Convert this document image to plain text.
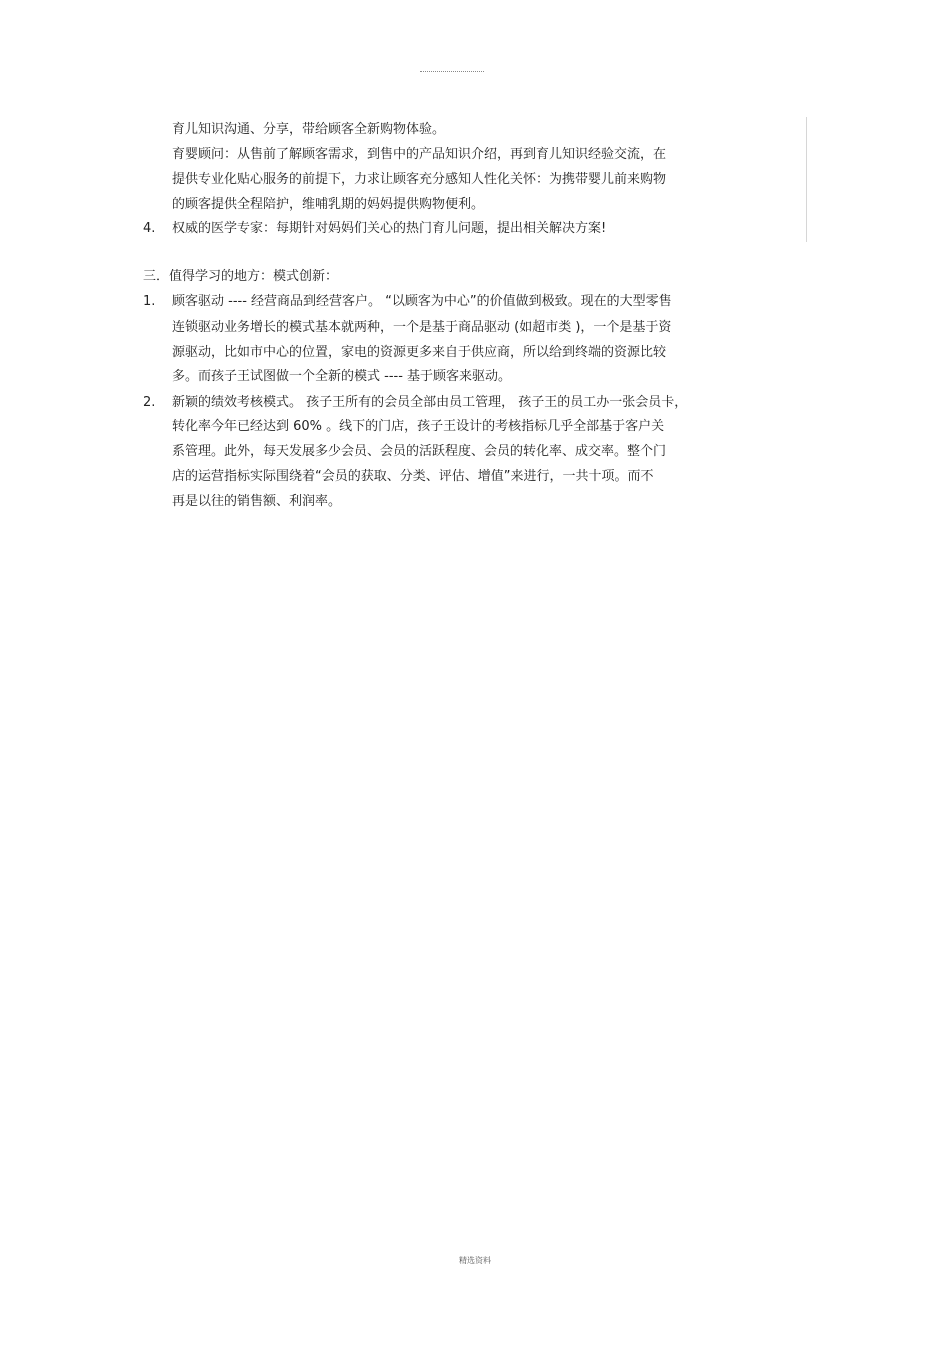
育儿知识沟通、分享，带给顾客全新购物体验。
育婴顾问：从售前了解顾客需求，到售中的产品知识介绍，再到育儿知识经验交流，在
提供专业化贴心服务的前提下，力求让顾客充分感知人性化关怀：为携带婴儿前来购物
的顾客提供全程陪护，维哺乳期的妈妈提供购物便利。
4. 权威的医学专家：每期针对妈妈们关心的热门育儿问题，提出相关解决方案!
三．值得学习的地方：模式创新：
1. 顾客驱动 ---- 经营商品到经营客户。 “以顾客为中心”的价值做到极致。现在的大型零售
连锁驱动业务增长的模式基本就两种，一个是基于商品驱动 (如超市类 )，一个是基于资
源驱动，比如市中心的位置，家电的资源更多来自于供应商，所以给到终端的资源比较
多。而孩子王试图做一个全新的模式 ---- 基于顾客来驱动。
2. 新颖的绩效考核模式。 孩子王所有的会员全部由员工管理， 孩子王的员工办一张会员卡，
转化率今年已经达到 60% 。线下的门店，孩子王设计的考核指标几乎全部基于客户关
系管理。此外，每天发展多少会员、会员的活跃程度、会员的转化率、成交率。整个门
店的运营指标实际围绕着“会员的获取、分类、评估、增值”来进行，一共十项。而不
再是以往的销售额、利润率。
精选资料
